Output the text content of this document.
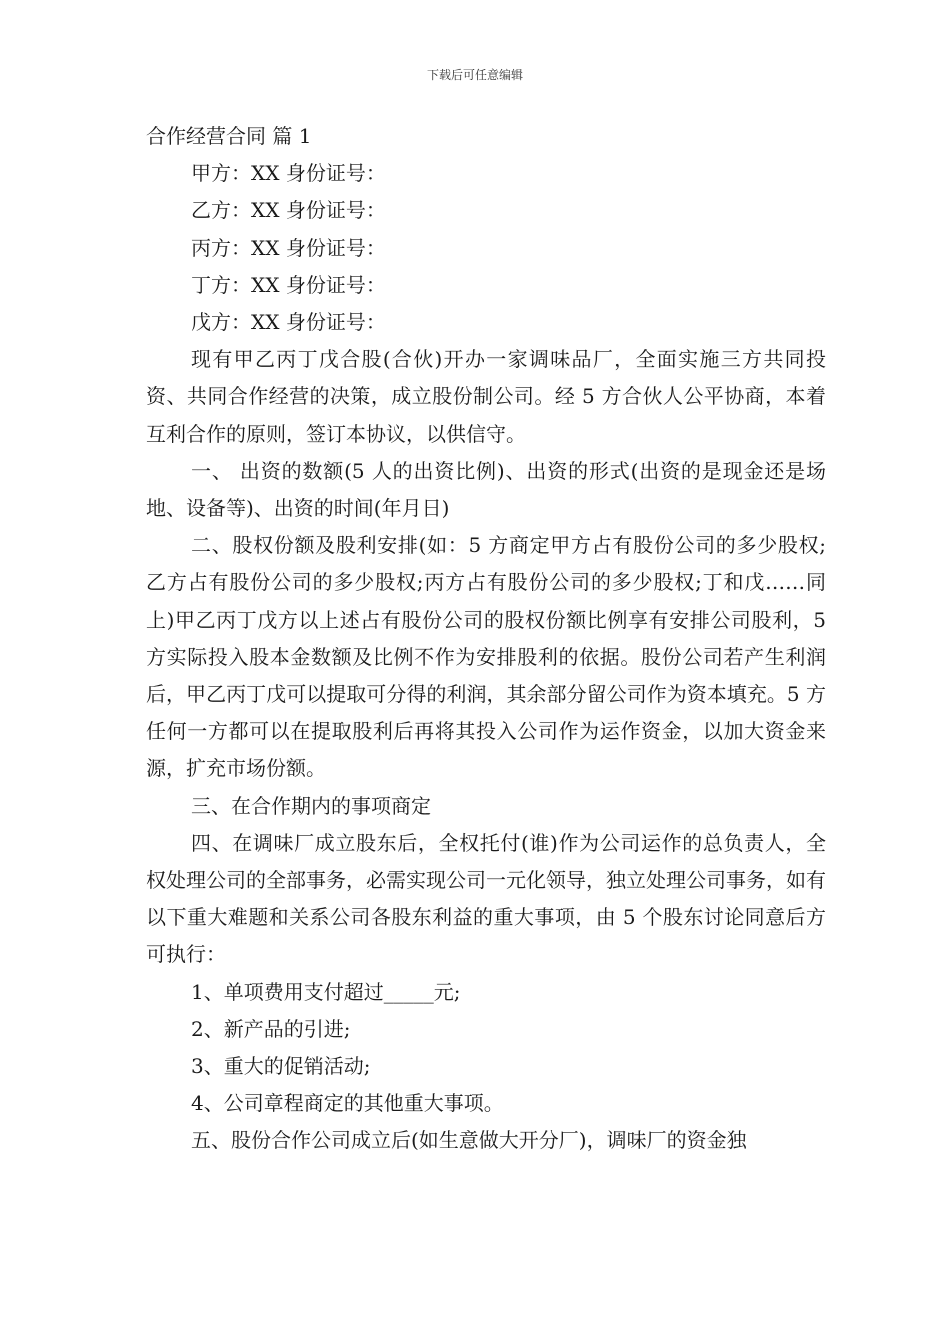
下载后可任意编辑

合作经营合同 篇 1

甲方：XX 身份证号：

乙方：XX 身份证号：

丙方：XX 身份证号：

丁方：XX 身份证号：

戊方：XX 身份证号：

现有甲乙丙丁戊合股(合伙)开办一家调味品厂，全面实施三方共同投资、共同合作经营的决策，成立股份制公司。经 5 方合伙人公平协商，本着互利合作的原则，签订本协议，以供信守。

一、 出资的数额(5 人的出资比例)、出资的形式(出资的是现金还是场地、设备等)、出资的时间(年月日)

二、股权份额及股利安排(如：5 方商定甲方占有股份公司的多少股权; 乙方占有股份公司的多少股权;丙方占有股份公司的多少股权;丁和戊……同上)甲乙丙丁戊方以上述占有股份公司的股权份额比例享有安排公司股利，5 方实际投入股本金数额及比例不作为安排股利的依据。股份公司若产生利润后，甲乙丙丁戊可以提取可分得的利润，其余部分留公司作为资本填充。5 方任何一方都可以在提取股利后再将其投入公司作为运作资金，以加大资金来源，扩充市场份额。

三、在合作期内的事项商定

四、在调味厂成立股东后，全权托付(谁)作为公司运作的总负责人，全权处理公司的全部事务，必需实现公司一元化领导，独立处理公司事务，如有以下重大难题和关系公司各股东利益的重大事项，由 5 个股东讨论同意后方可执行：

1、单项费用支付超过_____元;

2、新产品的引进;

3、重大的促销活动;

4、公司章程商定的其他重大事项。

五、股份合作公司成立后(如生意做大开分厂)，调味厂的资金独
